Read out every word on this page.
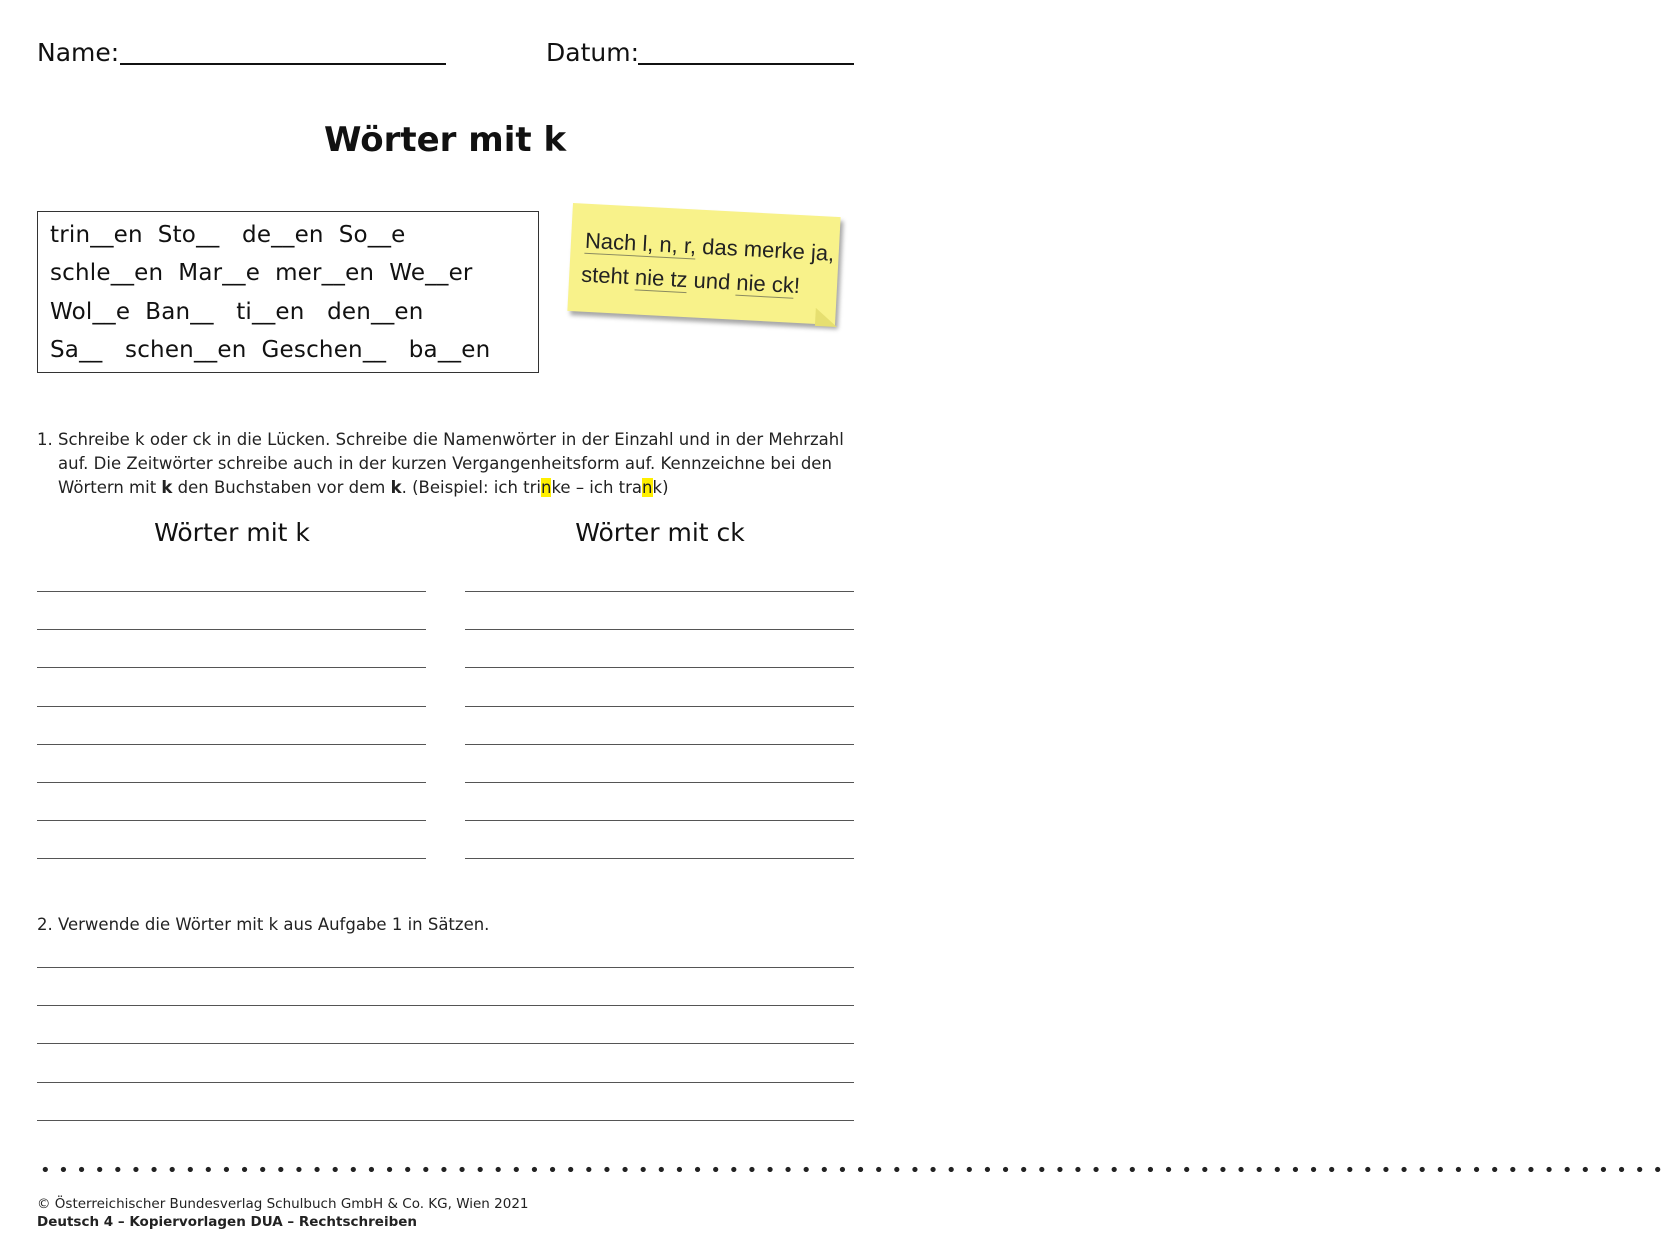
Name:	Datum:
Wörter mit k
trin__en  Sto__   de__en  So__e
schle__en  Mar__e  mer__en  We__er
Wol__e  Ban__   ti__en   den__en
Sa__   schen__en  Geschen__   ba__en
Nach l, n, r, das merke ja,
steht nie tz und nie ck!
1. Schreibe k oder ck in die Lücken. Schreibe die Namenwörter in der Einzahl und in der Mehrzahl
auf. Die Zeitwörter schreibe auch in der kurzen Vergangenheitsform auf. Kennzeichne bei den
Wörtern mit k den Buchstaben vor dem k. (Beispiel: ich trinke – ich trank)
Wörter mit k	Wörter mit ck
2. Verwende die Wörter mit k aus Aufgabe 1 in Sätzen.
••••••••••••••••••••••••••••••••••••••••••••••••••••••••••••••••••••••••••••••••••••••••••
© Österreichischer Bundesverlag Schulbuch GmbH & Co. KG, Wien 2021
Deutsch 4 – Kopiervorlagen DUA – Rechtschreiben
